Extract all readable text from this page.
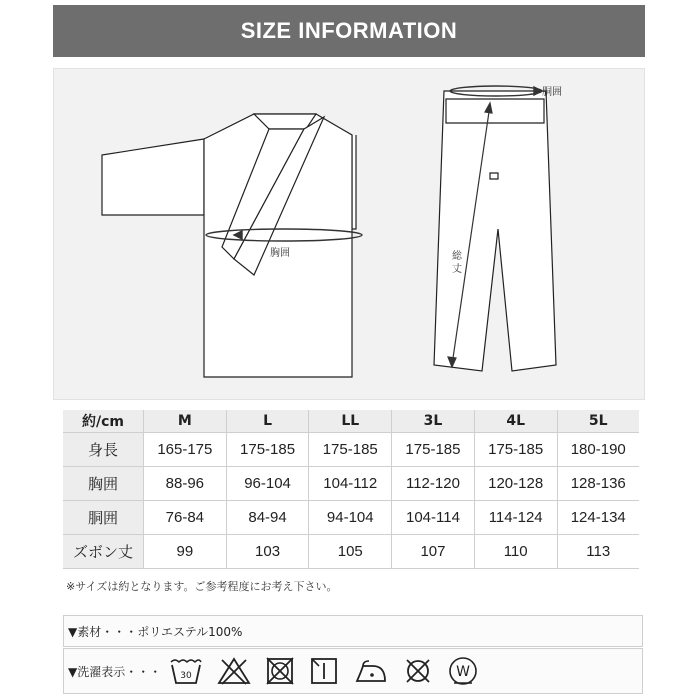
SIZE INFORMATION
胸囲
胴囲
総
丈
約/cm	M	L	LL	3L	4L	5L
身長	165-175	175-185	175-185	175-185	175-185	180-190
胸囲	88-96	96-104	104-112	112-120	120-128	128-136
胴囲	76-84	84-94	94-104	104-114	114-124	124-134
ズボン丈	99	103	105	107	110	113
※サイズは約となります。ご参考程度にお考え下さい。
▼素材・・・ポリエステル100%
▼洗濯表示・・・ 30	W
